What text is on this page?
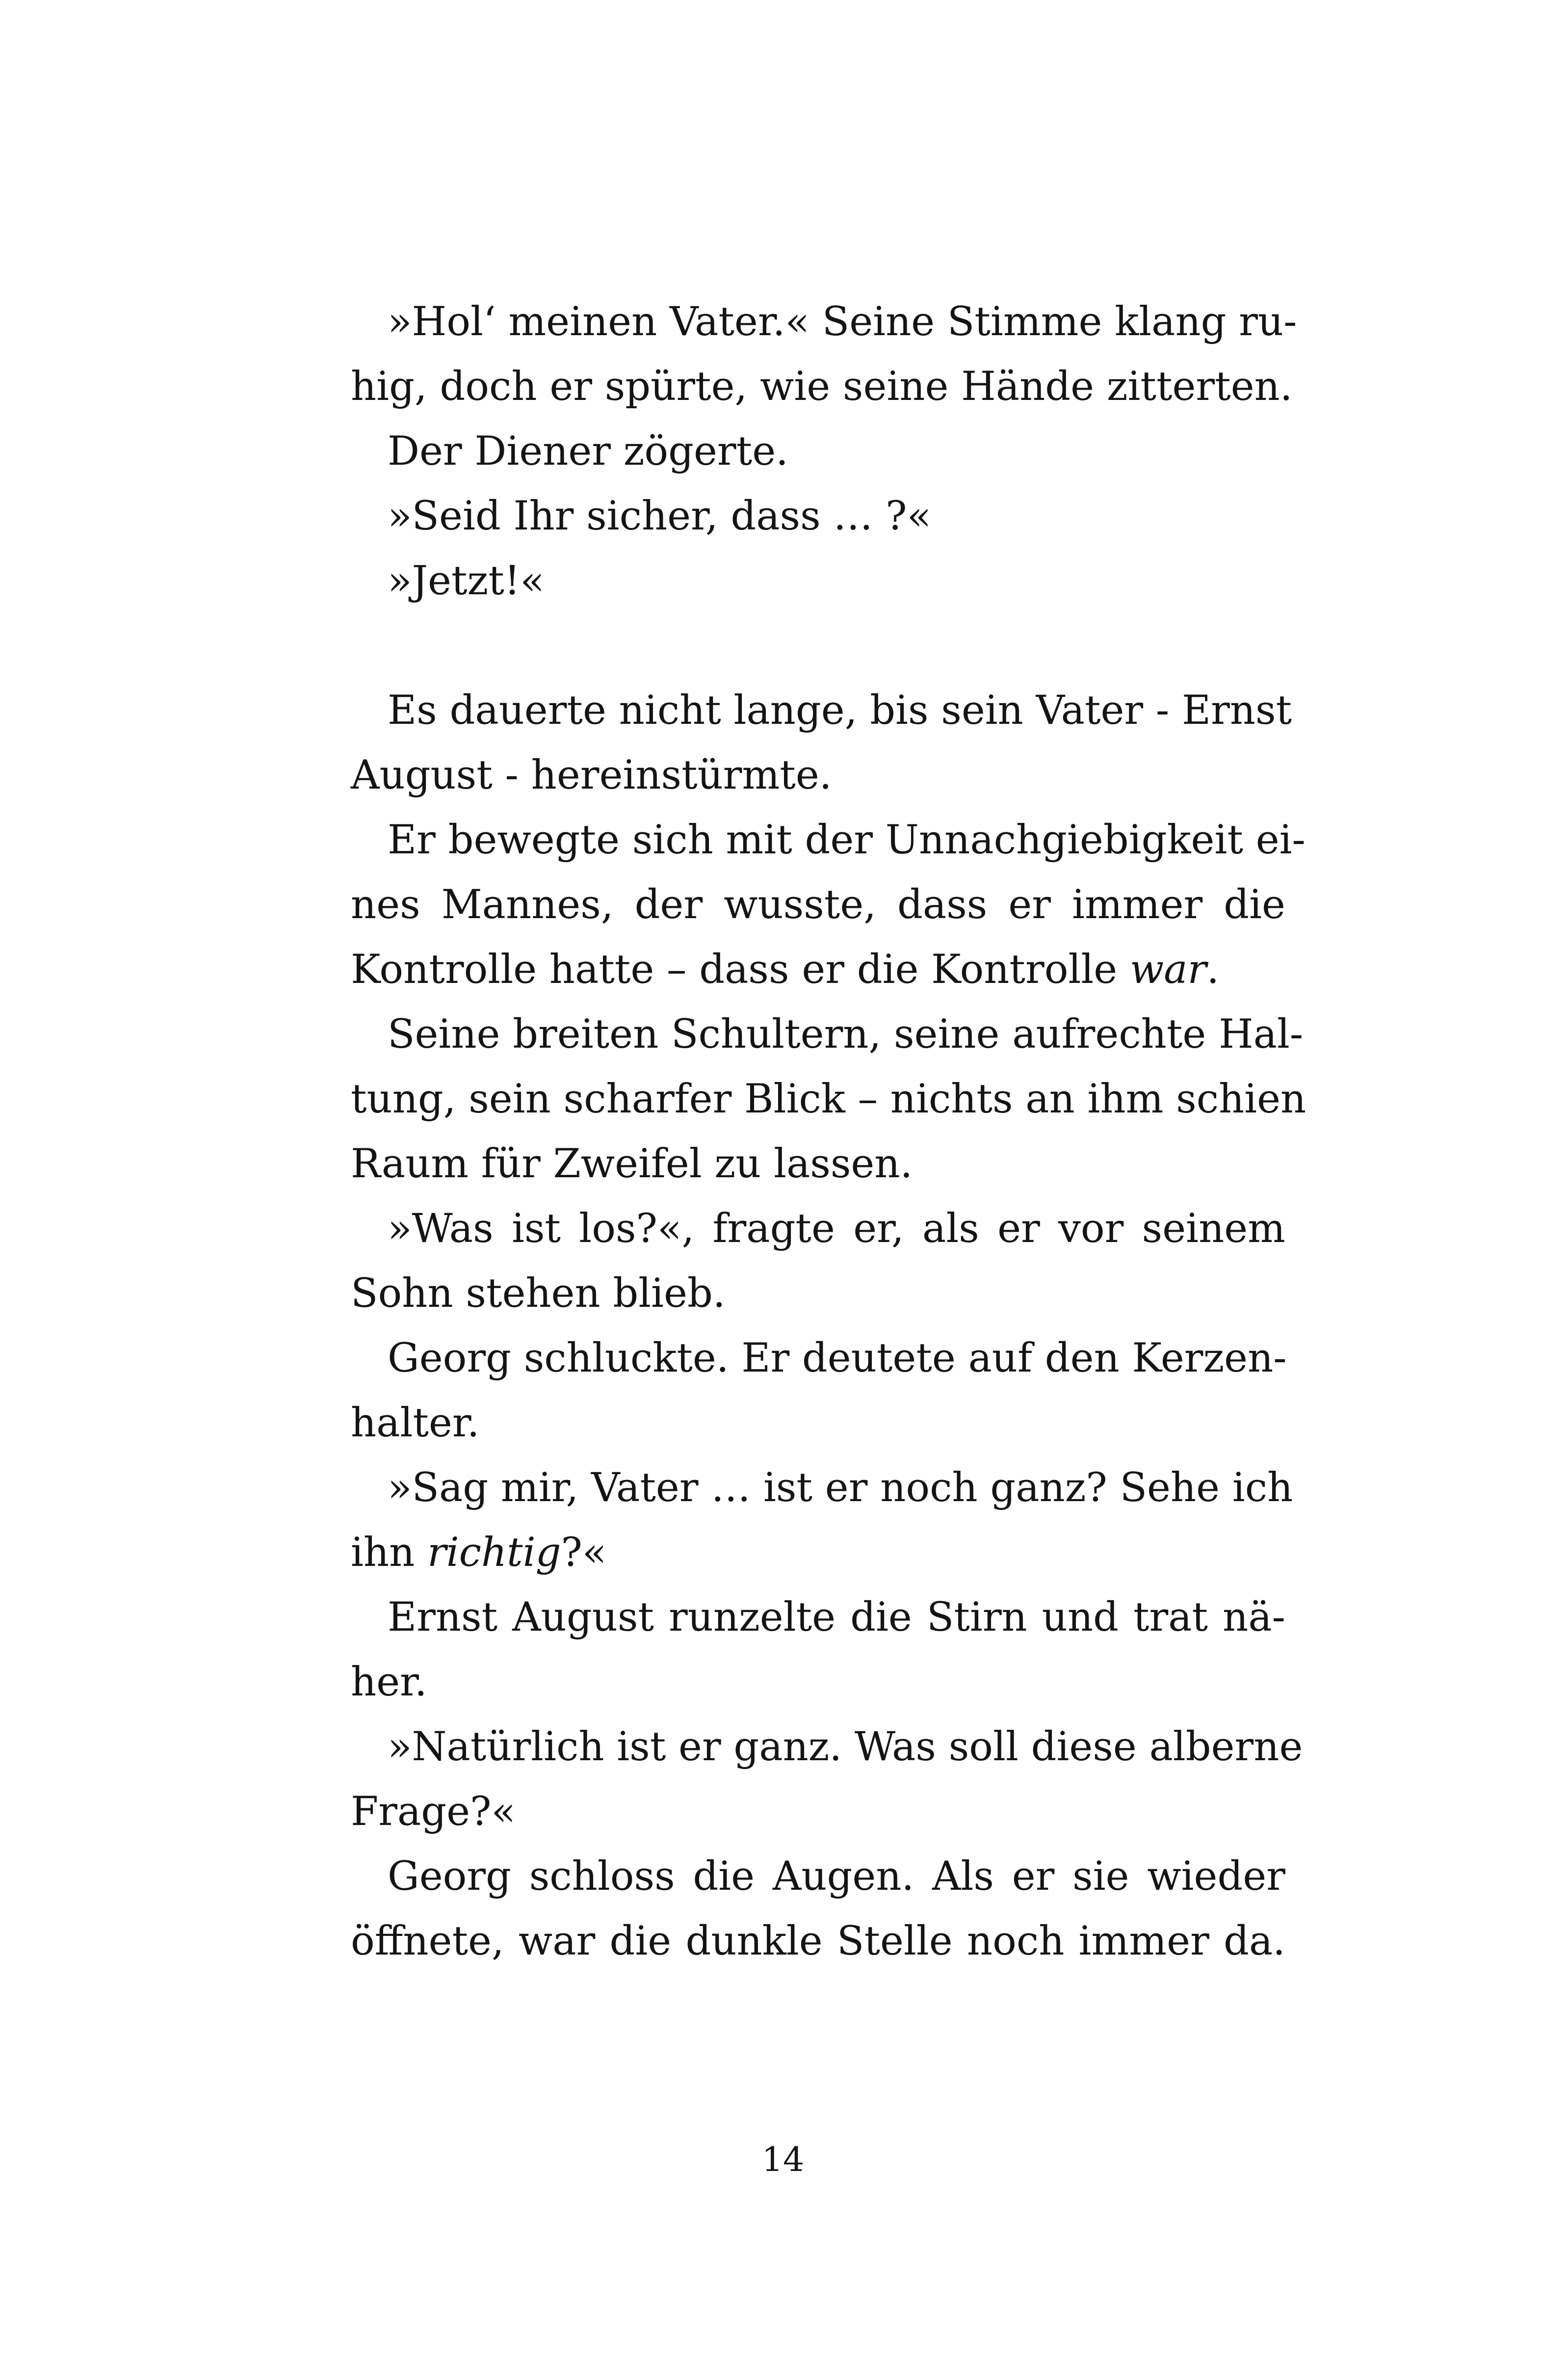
»Hol‘ meinen Vater.« Seine Stimme klang ru-
hig, doch er spürte, wie seine Hände zitterten.
Der Diener zögerte.
»Seid Ihr sicher, dass … ?«
»Jetzt!«
Es dauerte nicht lange, bis sein Vater - Ernst
August - hereinstürmte.
Er bewegte sich mit der Unnachgiebigkeit ei-
nes Mannes, der wusste, dass er immer die
Kontrolle hatte – dass er die Kontrolle war.
Seine breiten Schultern, seine aufrechte Hal-
tung, sein scharfer Blick – nichts an ihm schien
Raum für Zweifel zu lassen.
»Was ist los?«, fragte er, als er vor seinem
Sohn stehen blieb.
Georg schluckte. Er deutete auf den Kerzen-
halter.
»Sag mir, Vater … ist er noch ganz? Sehe ich
ihn richtig?«
Ernst August runzelte die Stirn und trat nä-
her.
»Natürlich ist er ganz. Was soll diese alberne
Frage?«
Georg schloss die Augen. Als er sie wieder
öffnete, war die dunkle Stelle noch immer da.
14
